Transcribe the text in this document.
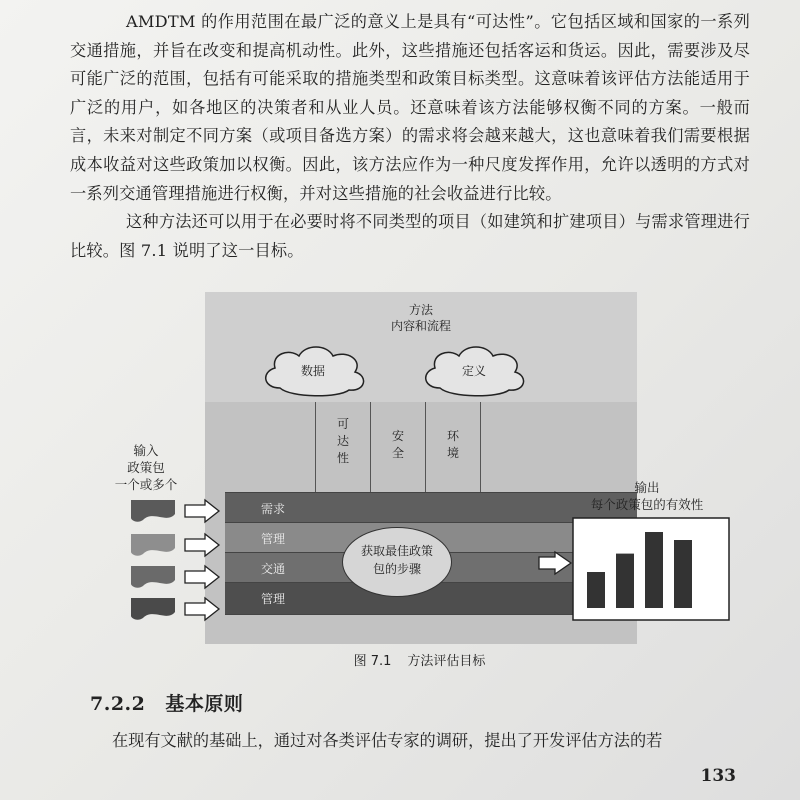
AMDTM 的作用范围在最广泛的意义上是具有“可达性”。它包括区域和国家的一系列交通措施，并旨在改变和提高机动性。此外，这些措施还包括客运和货运。因此，需要涉及尽可能广泛的范围，包括有可能采取的措施类型和政策目标类型。这意味着该评估方法能适用于广泛的用户，如各地区的决策者和从业人员。还意味着该方法能够权衡不同的方案。一般而言，未来对制定不同方案（或项目备选方案）的需求将会越来越大，这也意味着我们需要根据成本收益对这些政策加以权衡。因此，该方法应作为一种尺度发挥作用，允许以透明的方式对一系列交通管理措施进行权衡，并对这些措施的社会收益进行比较。

这种方法还可以用于在必要时将不同类型的项目（如建筑和扩建项目）与需求管理进行比较。图 7.1 说明了这一目标。

方法
内容和流程
数据	定义
可达性
安全
环境
需求
管理
交通
管理
获取最佳政策
包的步骤
输入
政策包
一个或多个	输出
每个政策包的有效性
图 7.1 方法评估目标
7.2.2 基本原则
在现有文献的基础上，通过对各类评估专家的调研，提出了开发评估方法的若
133
